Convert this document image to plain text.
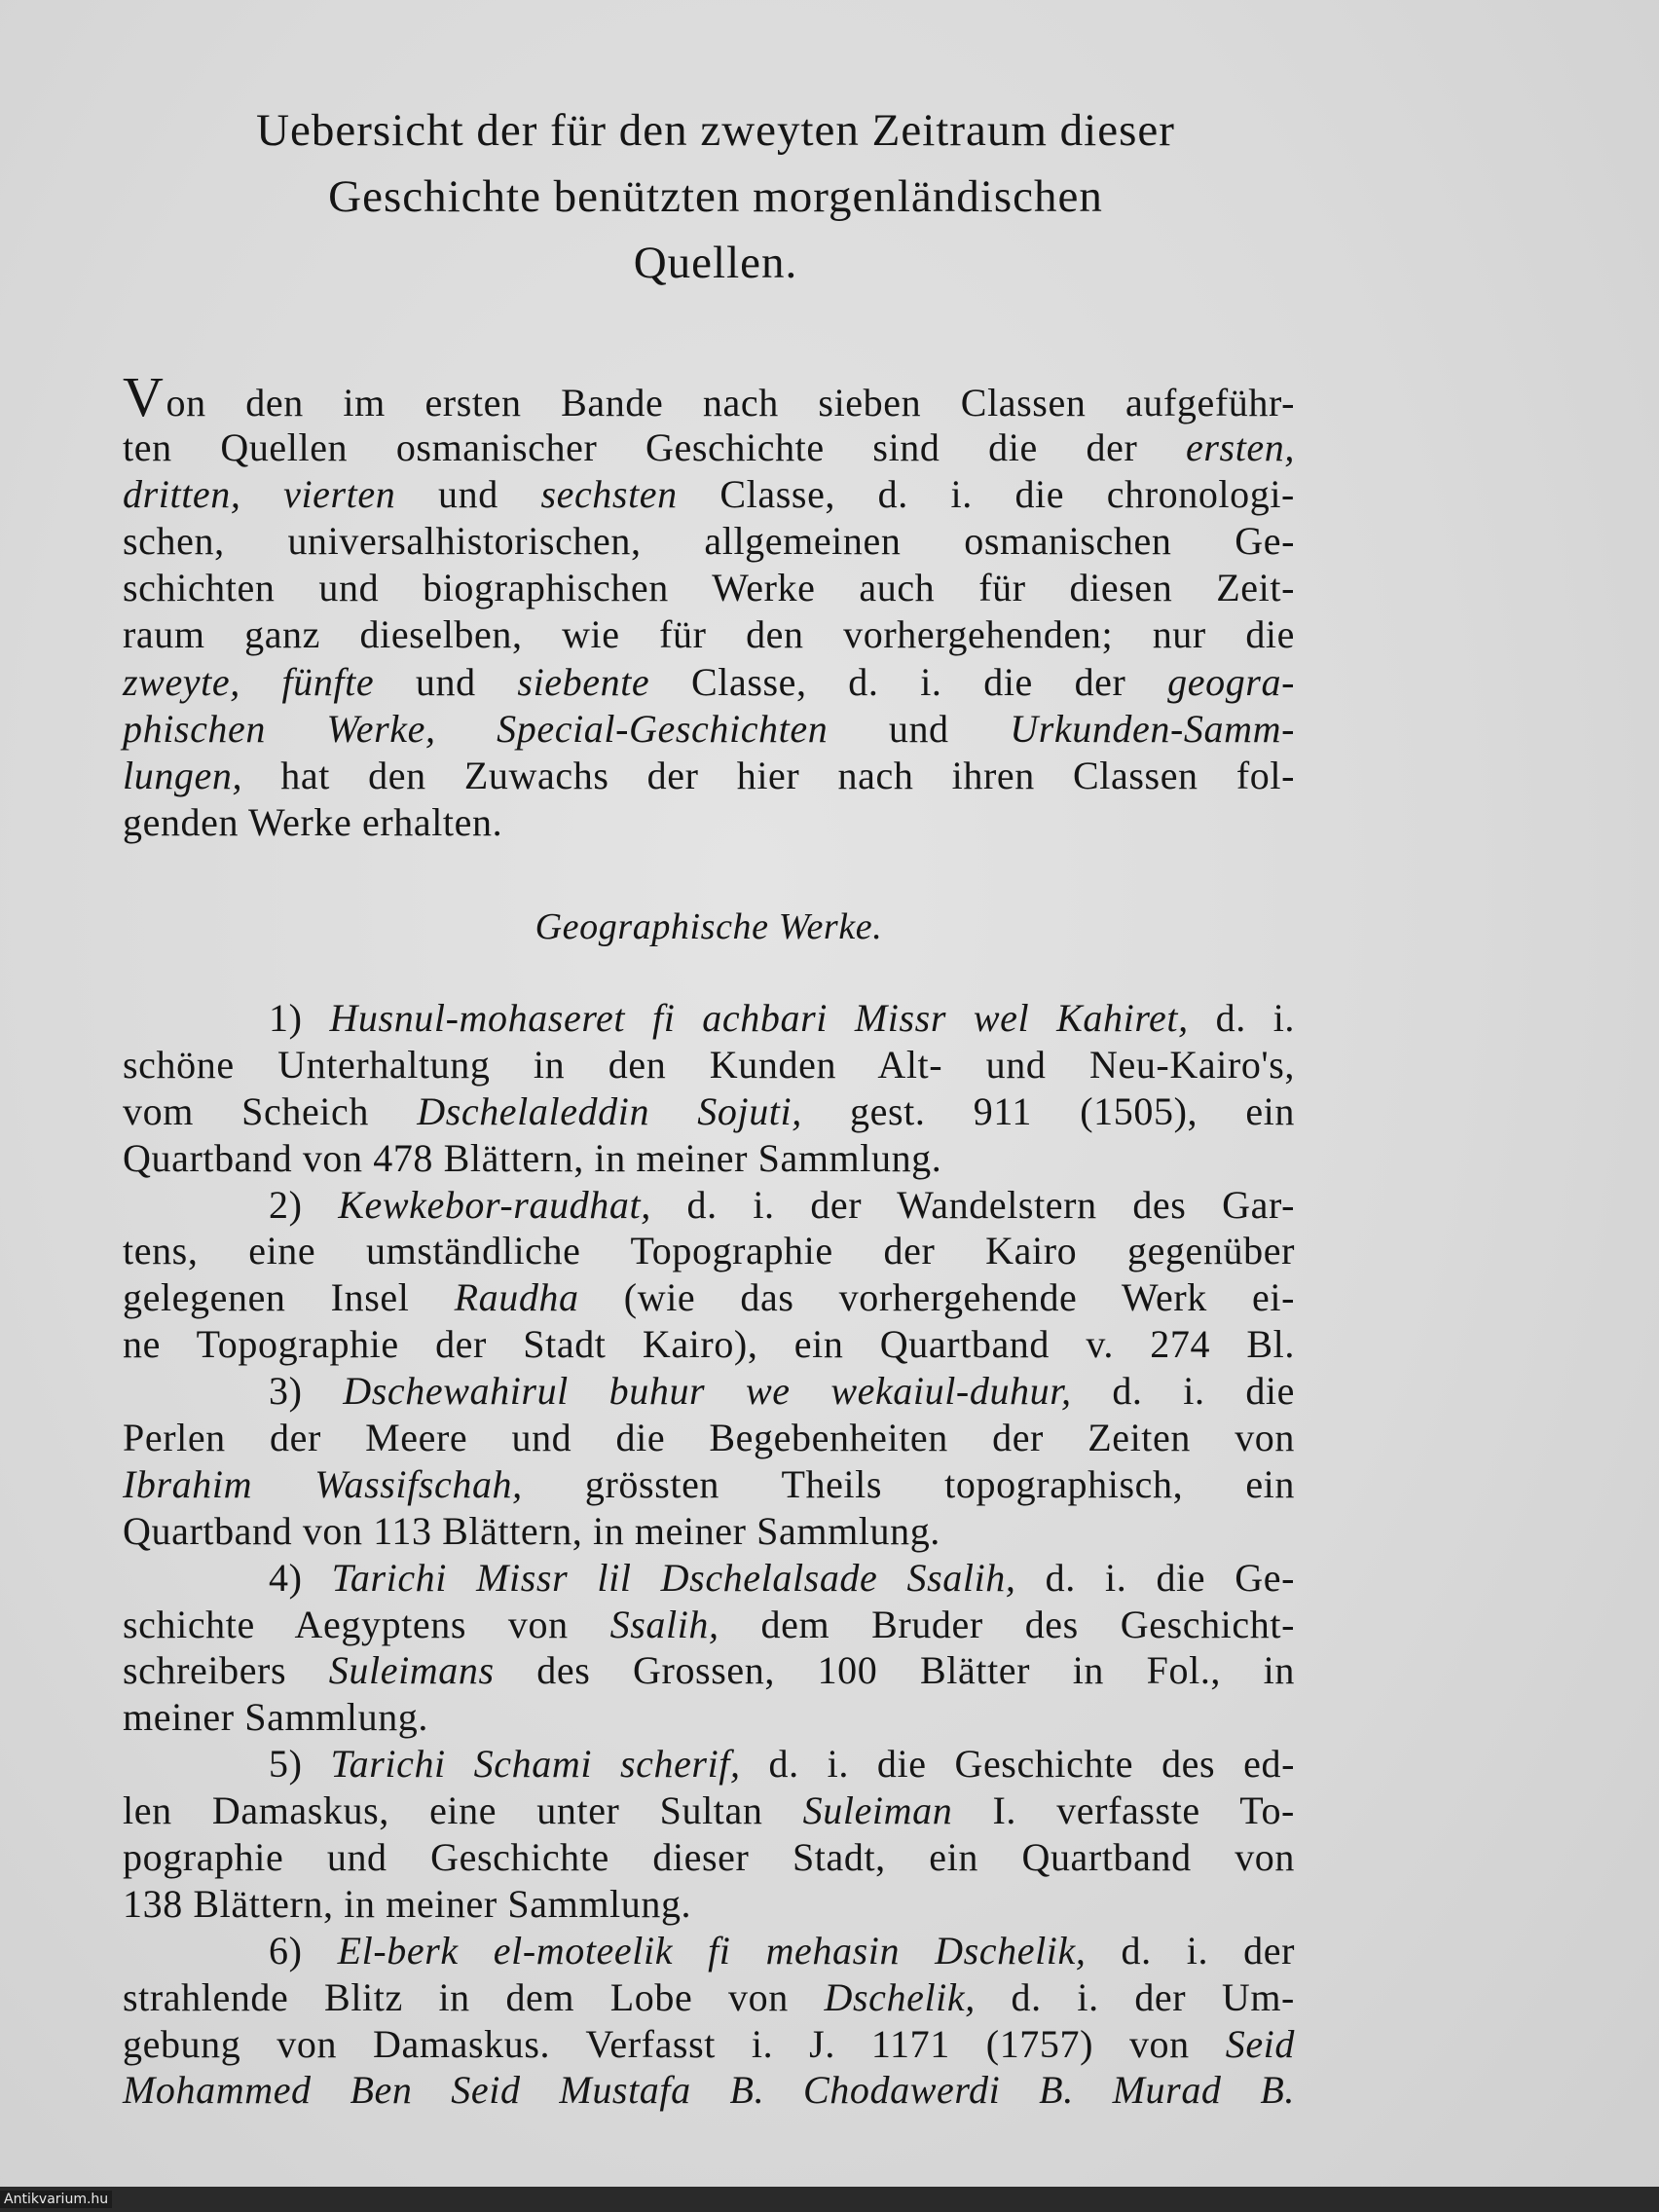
Uebersicht der für den zweyten Zeitraum dieser
Geschichte benützten morgenländischen
Quellen.
Von den im ersten Bande nach sieben Classen aufgeführ-
ten Quellen osmanischer Geschichte sind die der ersten,
dritten, vierten und sechsten Classe, d. i. die chronologi-
schen, universalhistorischen, allgemeinen osmanischen Ge-
schichten und biographischen Werke auch für diesen Zeit-
raum ganz dieselben, wie für den vorhergehenden; nur die
zweyte, fünfte und siebente Classe, d. i. die der geogra-
phischen Werke, Special-Geschichten und Urkunden-Samm-
lungen, hat den Zuwachs der hier nach ihren Classen fol-
genden Werke erhalten.
Geographische Werke.
1) Husnul-mohaseret fi achbari Missr wel Kahiret, d. i.
schöne Unterhaltung in den Kunden Alt- und Neu-Kairo's,
vom Scheich Dschelaleddin Sojuti, gest. 911 (1505), ein
Quartband von 478 Blättern, in meiner Sammlung.
2) Kewkebor-raudhat, d. i. der Wandelstern des Gar-
tens, eine umständliche Topographie der Kairo gegenüber
gelegenen Insel Raudha (wie das vorhergehende Werk ei-
ne Topographie der Stadt Kairo), ein Quartband v. 274 Bl.
3) Dschewahirul buhur we wekaiul-duhur, d. i. die
Perlen der Meere und die Begebenheiten der Zeiten von
Ibrahim Wassifschah, grössten Theils topographisch, ein
Quartband von 113 Blättern, in meiner Sammlung.
4) Tarichi Missr lil Dschelalsade Ssalih, d. i. die Ge-
schichte Aegyptens von Ssalih, dem Bruder des Geschicht-
schreibers Suleimans des Grossen, 100 Blätter in Fol., in
meiner Sammlung.
5) Tarichi Schami scherif, d. i. die Geschichte des ed-
len Damaskus, eine unter Sultan Suleiman I. verfasste To-
pographie und Geschichte dieser Stadt, ein Quartband von
138 Blättern, in meiner Sammlung.
6) El-berk el-moteelik fi mehasin Dschelik, d. i. der
strahlende Blitz in dem Lobe von Dschelik, d. i. der Um-
gebung von Damaskus. Verfasst i. J. 1171 (1757) von Seid
Mohammed Ben Seid Mustafa B. Chodawerdi B. Murad B.
Antikvarium.hu
